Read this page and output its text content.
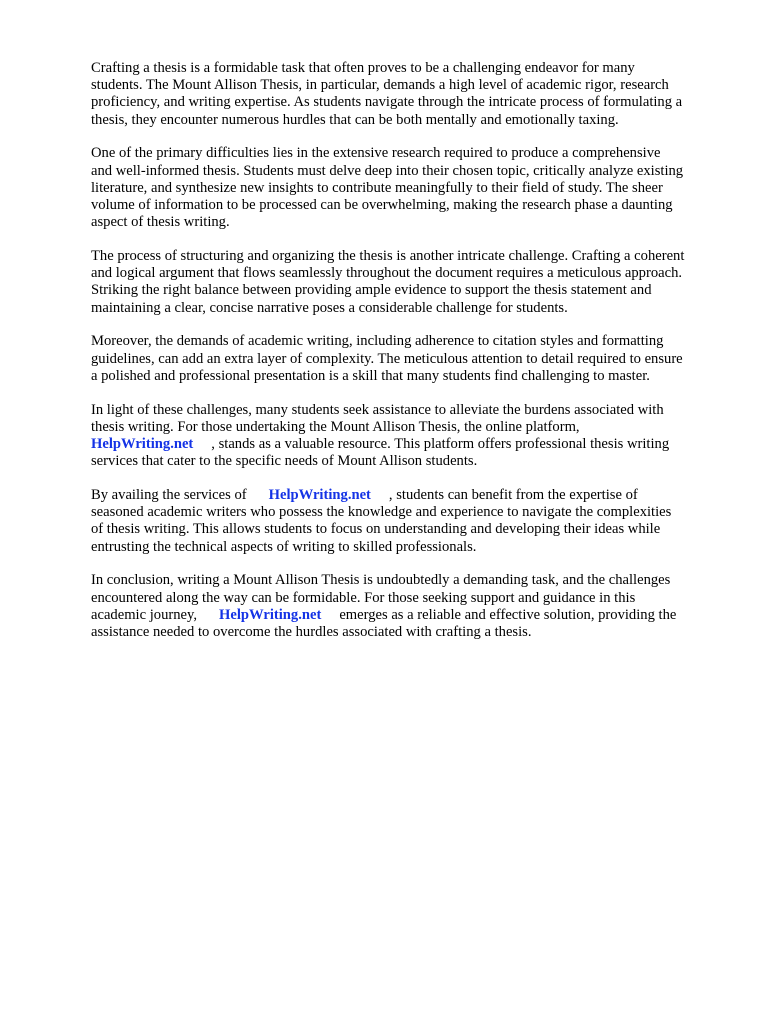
Crafting a thesis is a formidable task that often proves to be a challenging endeavor for many
students. The Mount Allison Thesis, in particular, demands a high level of academic rigor, research
proficiency, and writing expertise. As students navigate through the intricate process of formulating a
thesis, they encounter numerous hurdles that can be both mentally and emotionally taxing.

One of the primary difficulties lies in the extensive research required to produce a comprehensive
and well-informed thesis. Students must delve deep into their chosen topic, critically analyze existing
literature, and synthesize new insights to contribute meaningfully to their field of study. The sheer
volume of information to be processed can be overwhelming, making the research phase a daunting
aspect of thesis writing.

The process of structuring and organizing the thesis is another intricate challenge. Crafting a coherent
and logical argument that flows seamlessly throughout the document requires a meticulous approach.
Striking the right balance between providing ample evidence to support the thesis statement and
maintaining a clear, concise narrative poses a considerable challenge for students.

Moreover, the demands of academic writing, including adherence to citation styles and formatting
guidelines, can add an extra layer of complexity. The meticulous attention to detail required to ensure
a polished and professional presentation is a skill that many students find challenging to master.

In light of these challenges, many students seek assistance to alleviate the burdens associated with
thesis writing. For those undertaking the Mount Allison Thesis, the online platform,
HelpWriting.net , stands as a valuable resource. This platform offers professional thesis writing
services that cater to the specific needs of Mount Allison students.

By availing the services of HelpWriting.net , students can benefit from the expertise of
seasoned academic writers who possess the knowledge and experience to navigate the complexities
of thesis writing. This allows students to focus on understanding and developing their ideas while
entrusting the technical aspects of writing to skilled professionals.

In conclusion, writing a Mount Allison Thesis is undoubtedly a demanding task, and the challenges
encountered along the way can be formidable. For those seeking support and guidance in this
academic journey, HelpWriting.net emerges as a reliable and effective solution, providing the
assistance needed to overcome the hurdles associated with crafting a thesis.
